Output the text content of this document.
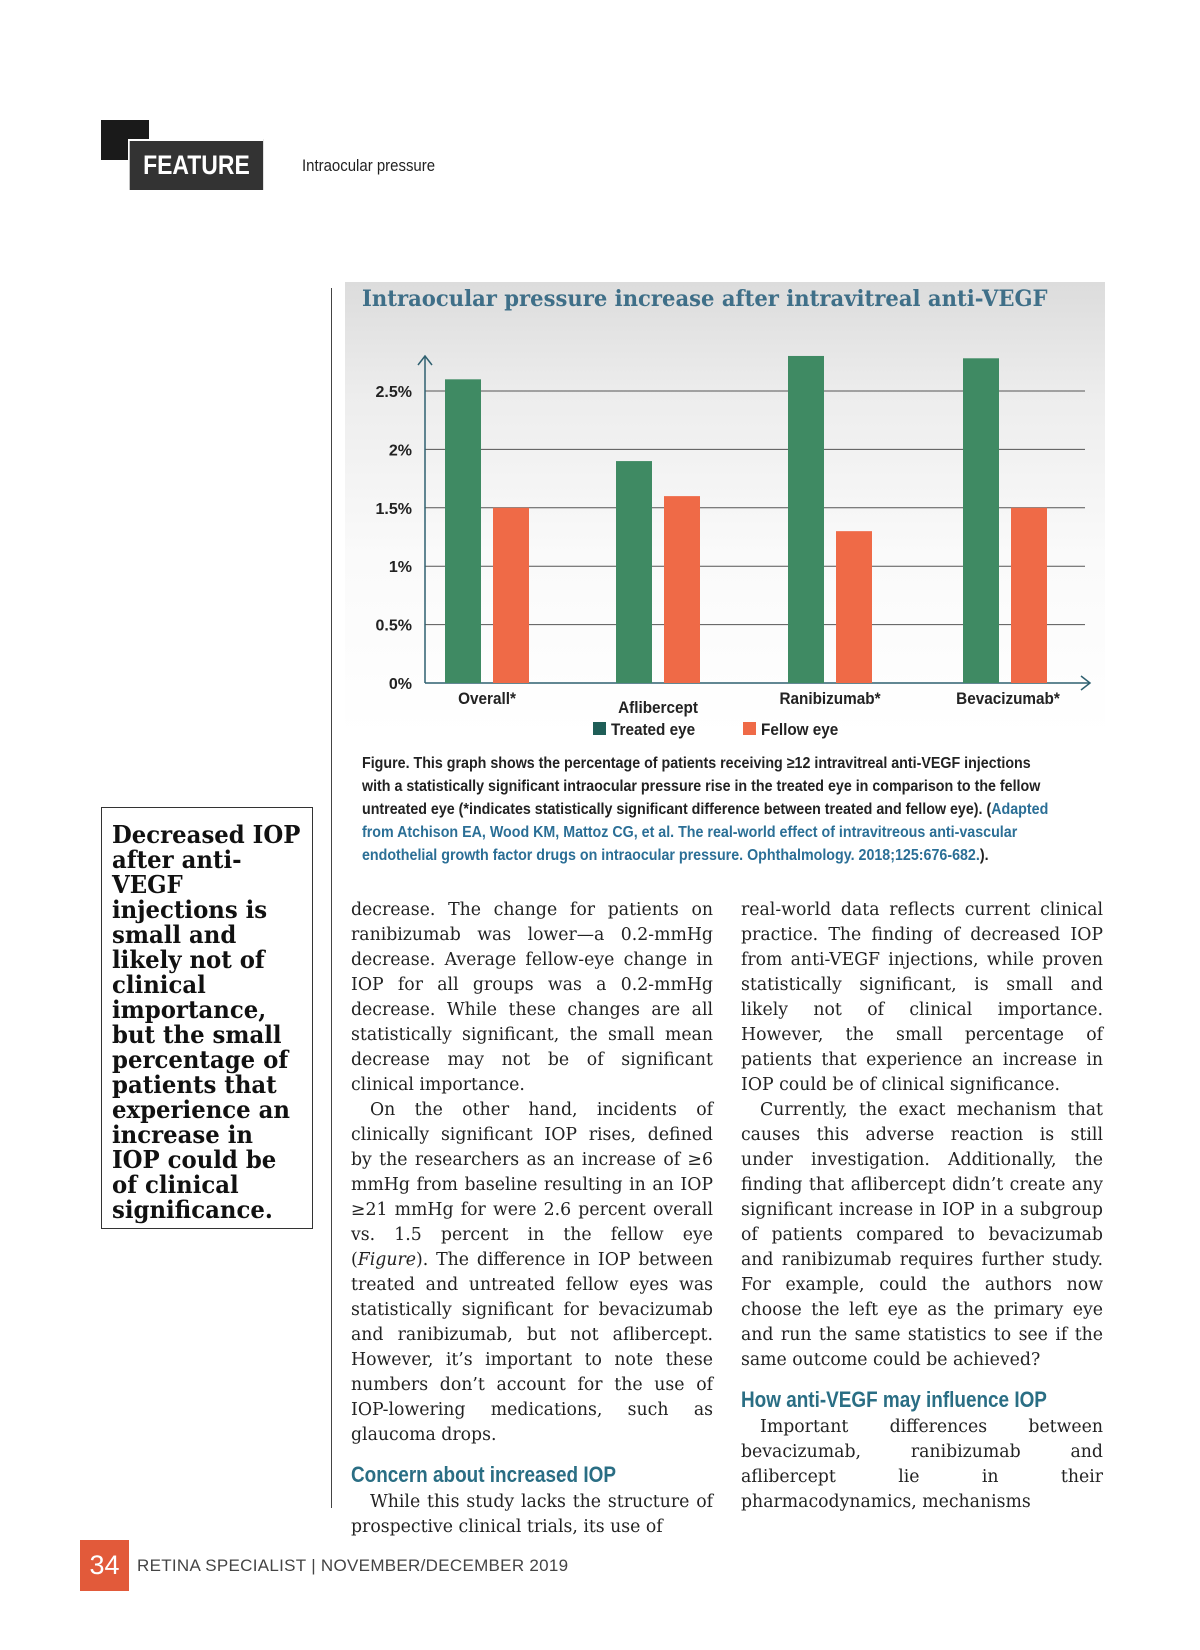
FEATURE	Intraocular pressure
Intraocular pressure increase after intravitreal anti-VEGF
0%
0.5%
1%
1.5%
2%
2.5%
Overall*	Aflibercept	Ranibizumab*	Bevacizumab*
Treated eye	Fellow eye
Figure. This graph shows the percentage of patients receiving ≥12 intravitreal anti-VEGF injections with a statistically significant intraocular pressure rise in the treated eye in comparison to the fellow untreated eye (*indicates statistically significant difference between treated and fellow eye). (Adapted from Atchison EA, Wood KM, Mattoz CG, et al. The real-world effect of intravitreous anti-vascular endothelial growth factor drugs on intraocular pressure. Ophthalmology. 2018;125:676-682.).

Decreased IOP after anti-VEGF injections is small and likely not of clinical importance, but the small percentage of patients that experience an increase in IOP could be of clinical significance.

decrease. The change for patients on ranibizumab was lower—a 0.2-mmHg decrease. Average fellow-eye change in IOP for all groups was a 0.2-mmHg decrease. While these changes are all statistically significant, the small mean decrease may not be of significant clinical importance.

On the other hand, incidents of clinically significant IOP rises, defined by the researchers as an increase of ≥6 mmHg from baseline resulting in an IOP ≥21 mmHg for were 2.6 percent overall vs. 1.5 percent in the fellow eye (Figure). The difference in IOP between treated and untreated fellow eyes was statistically significant for bevacizumab and ranibizumab, but not aflibercept. However, it’s important to note these numbers don’t account for the use of IOP-lowering medications, such as glaucoma drops.

Concern about increased IOP

While this study lacks the structure of prospective clinical trials, its use of

real-world data reflects current clinical practice. The finding of decreased IOP from anti-VEGF injections, while proven statistically significant, is small and likely not of clinical importance. However, the small percentage of patients that experience an increase in IOP could be of clinical significance.

Currently, the exact mechanism that causes this adverse reaction is still under investigation. Additionally, the finding that aflibercept didn’t create any significant increase in IOP in a subgroup of patients compared to bevacizumab and ranibizumab requires further study. For example, could the authors now choose the left eye as the primary eye and run the same statistics to see if the same outcome could be achieved?

How anti-VEGF may influence IOP

Important differences between bevacizumab, ranibizumab and aflibercept lie in their pharmacodynamics, mechanisms

34	RETINA SPECIALIST | NOVEMBER/DECEMBER 2019
